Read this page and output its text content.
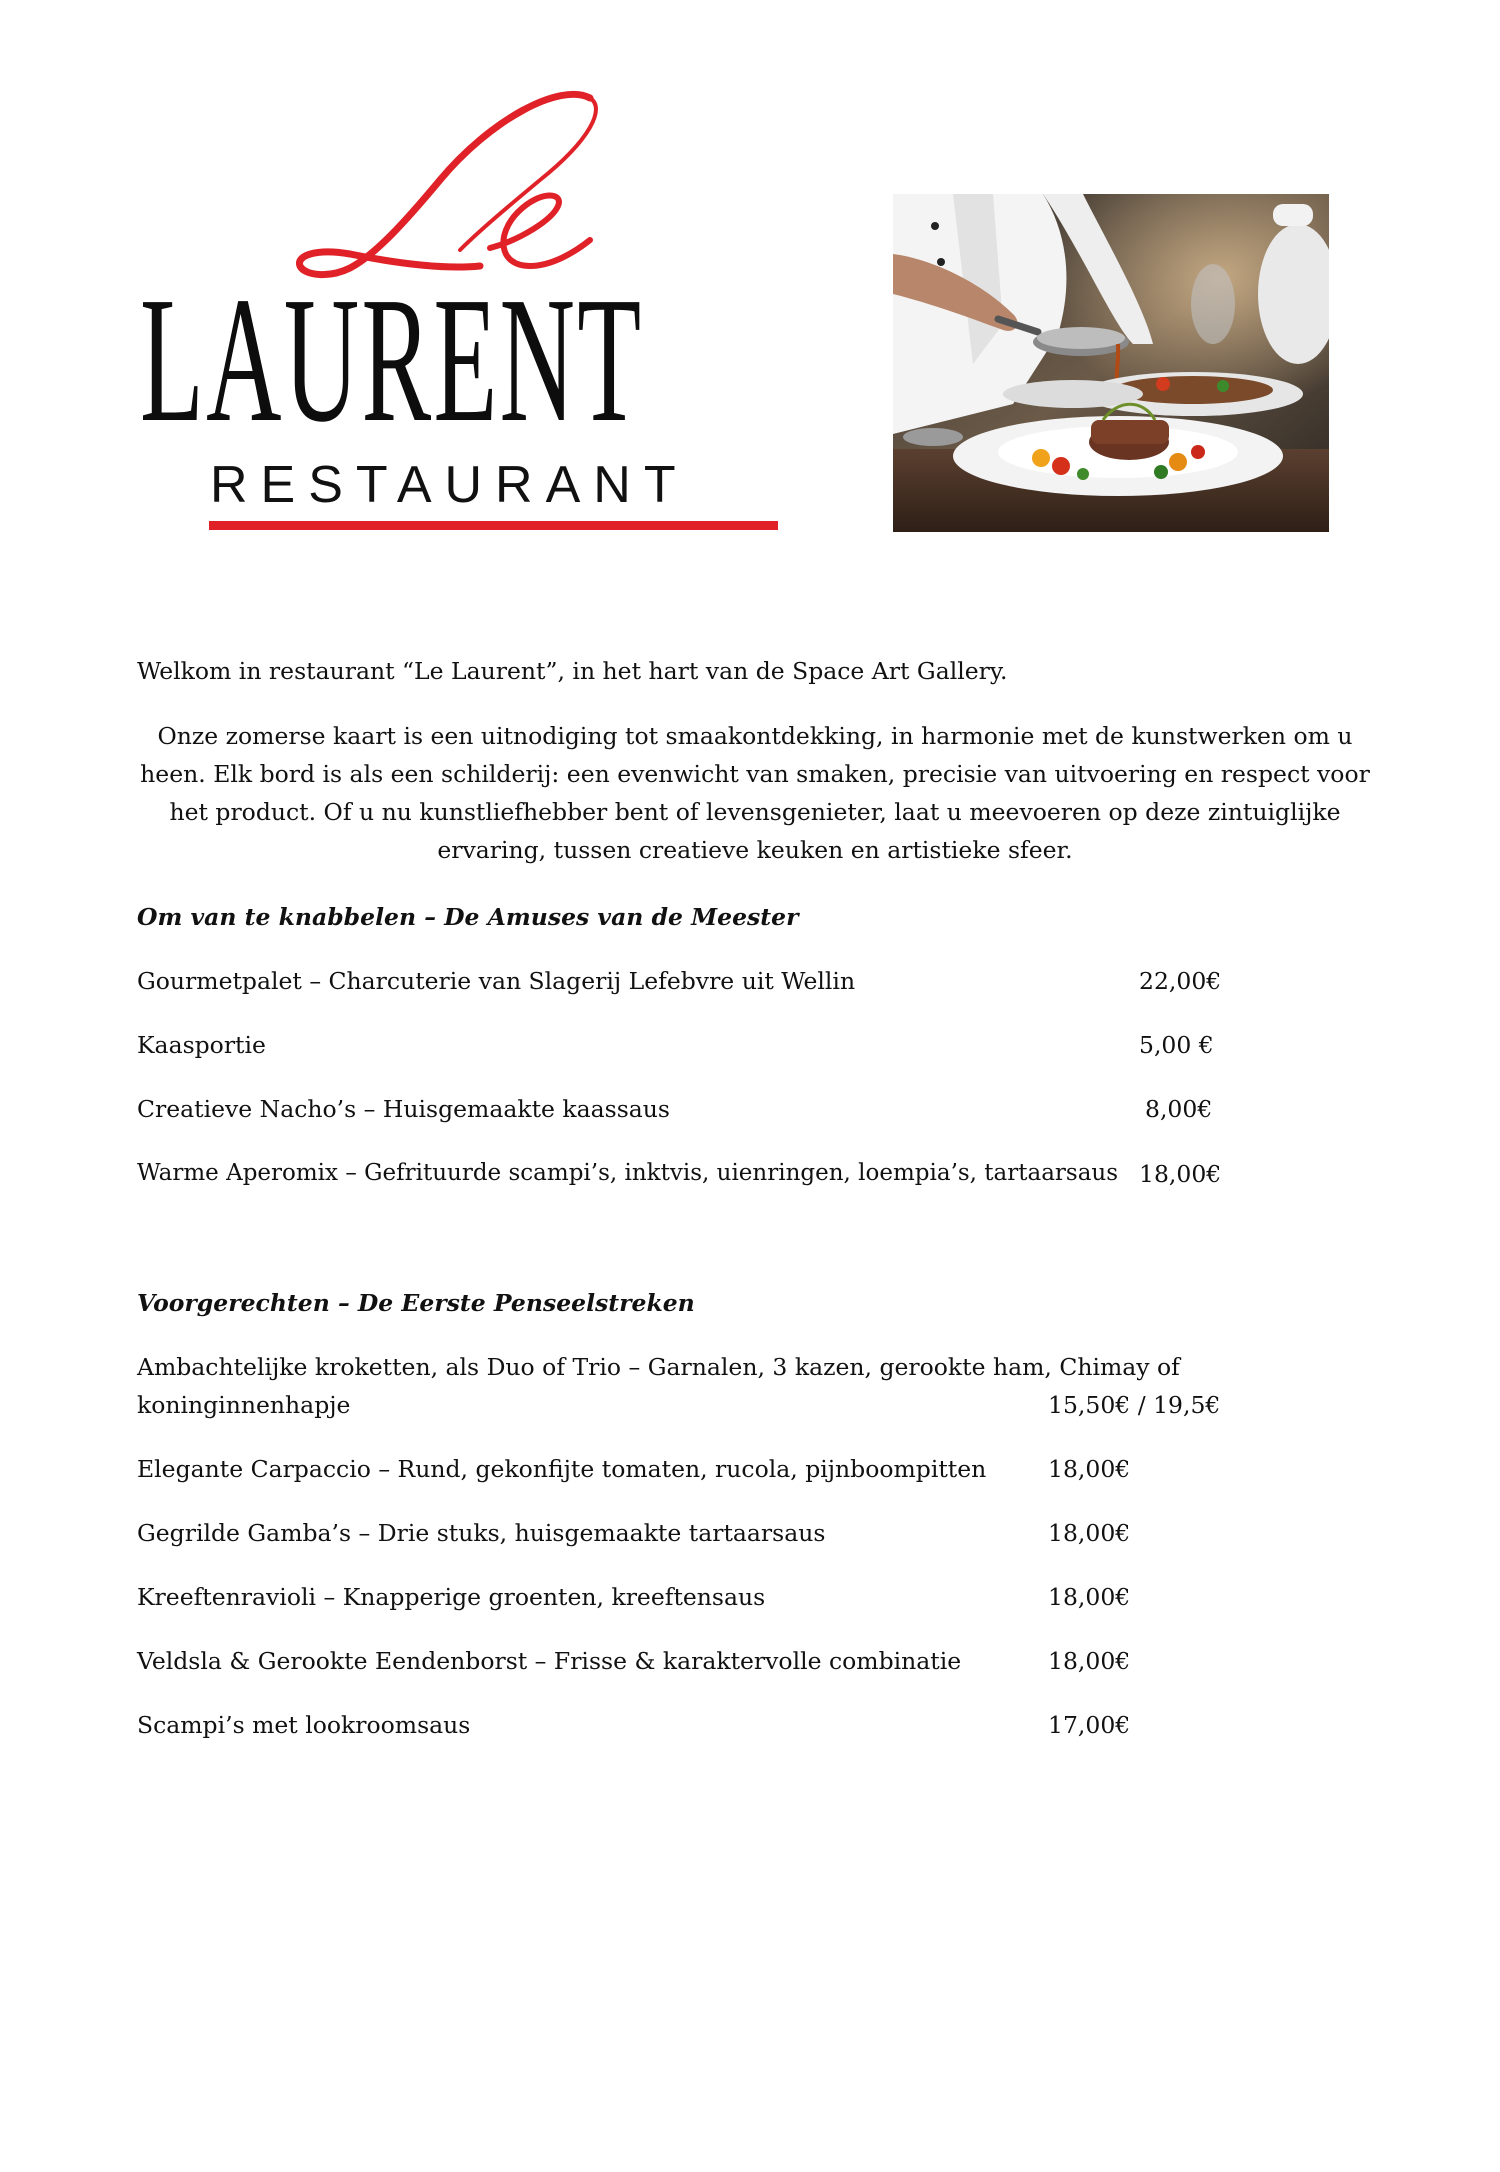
LAURENT
RESTAURANT
Welkom in restaurant “Le Laurent”, in het hart van de Space Art Gallery.
Onze zomerse kaart is een uitnodiging tot smaakontdekking, in harmonie met de kunstwerken om u
heen. Elk bord is als een schilderij: een evenwicht van smaken, precisie van uitvoering en respect voor
het product. Of u nu kunstliefhebber bent of levensgenieter, laat u meevoeren op deze zintuiglijke
ervaring, tussen creatieve keuken en artistieke sfeer.
Om van te knabbelen – De Amuses van de Meester
Gourmetpalet – Charcuterie van Slagerij Lefebvre uit Wellin	22,00€
Kaasportie	5,00 €
Creatieve Nacho’s – Huisgemaakte kaassaus	8,00€
Warme Aperomix – Gefrituurde scampi’s, inktvis, uienringen, loempia’s, tartaarsaus 18,00€
Voorgerechten – De Eerste Penseelstreken
Ambachtelijke kroketten, als Duo of Trio – Garnalen, 3 kazen, gerookte ham, Chimay of
koninginnenhapje	15,50€ / 19,5€
Elegante Carpaccio – Rund, gekonfijte tomaten, rucola, pijnboompitten	18,00€
Gegrilde Gamba’s – Drie stuks, huisgemaakte tartaarsaus	18,00€
Kreeftenravioli – Knapperige groenten, kreeftensaus	18,00€
Veldsla & Gerookte Eendenborst – Frisse & karaktervolle combinatie	18,00€
Scampi’s met lookroomsaus	17,00€
